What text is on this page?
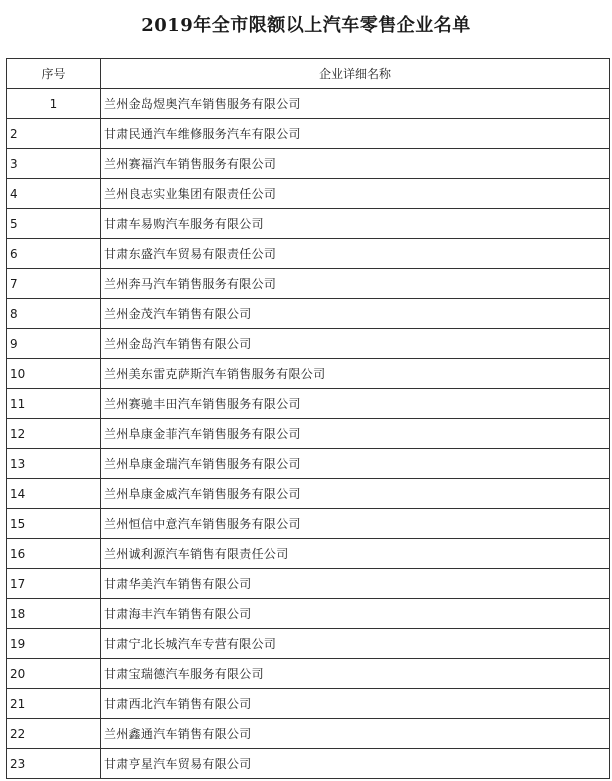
2019年全市限额以上汽车零售企业名单
序号	企业详细名称
1	兰州金岛煜奥汽车销售服务有限公司
2	甘肃民通汽车维修服务汽车有限公司
3	兰州赛福汽车销售服务有限公司
4	兰州良志实业集团有限责任公司
5	甘肃车易购汽车服务有限公司
6	甘肃东盛汽车贸易有限责任公司
7	兰州奔马汽车销售服务有限公司
8	兰州金茂汽车销售有限公司
9	兰州金岛汽车销售有限公司
10	兰州美东雷克萨斯汽车销售服务有限公司
11	兰州赛驰丰田汽车销售服务有限公司
12	兰州阜康金菲汽车销售服务有限公司
13	兰州阜康金瑞汽车销售服务有限公司
14	兰州阜康金威汽车销售服务有限公司
15	兰州恒信中意汽车销售服务有限公司
16	兰州诚利源汽车销售有限责任公司
17	甘肃华美汽车销售有限公司
18	甘肃海丰汽车销售有限公司
19	甘肃宁北长城汽车专营有限公司
20	甘肃宝瑞德汽车服务有限公司
21	甘肃西北汽车销售有限公司
22	兰州鑫通汽车销售有限公司
23	甘肃亨星汽车贸易有限公司
